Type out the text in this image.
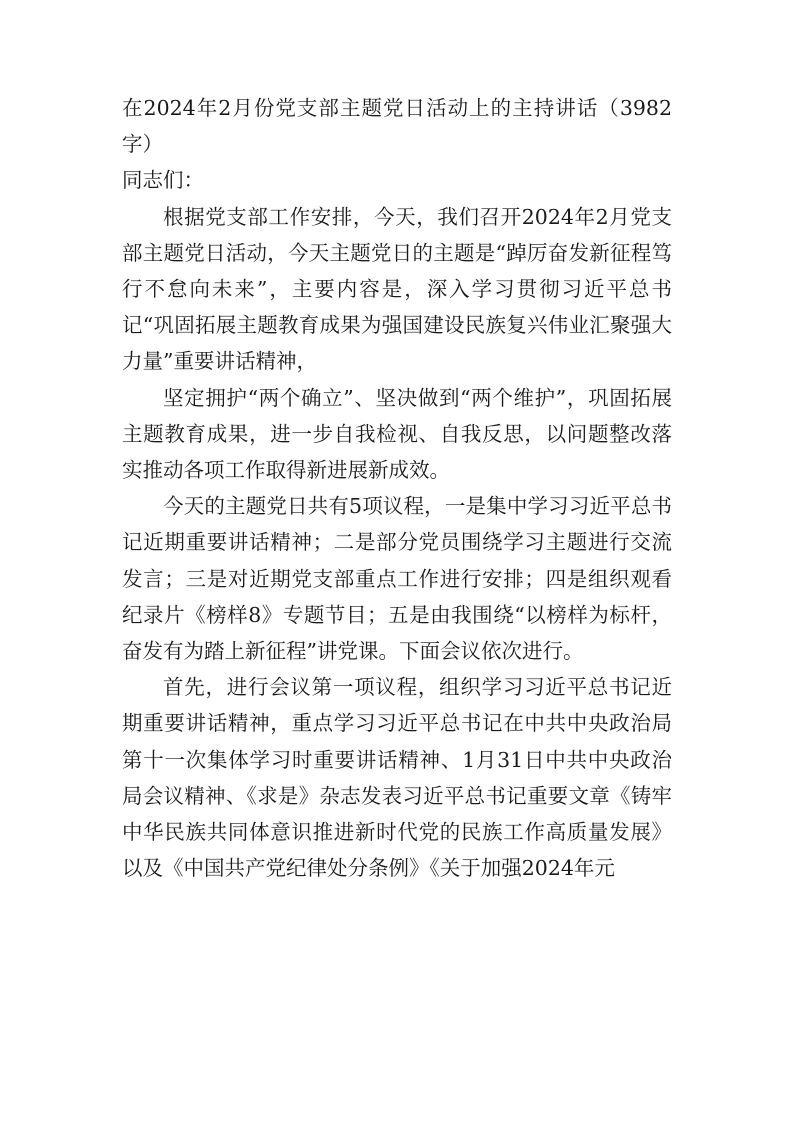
在2024年2月份党支部主题党日活动上的主持讲话（3982字）

同志们：

根据党支部工作安排，今天，我们召开2024年2月党支部主题党日活动，今天主题党日的主题是“踔厉奋发新征程笃行不怠向未来”，主要内容是，深入学习贯彻习近平总书记“巩固拓展主题教育成果为强国建设民族复兴伟业汇聚强大力量”重要讲话精神，

坚定拥护“两个确立”、坚决做到“两个维护”，巩固拓展主题教育成果，进一步自我检视、自我反思，以问题整改落实推动各项工作取得新进展新成效。

今天的主题党日共有5项议程，一是集中学习习近平总书记近期重要讲话精神；二是部分党员围绕学习主题进行交流发言；三是对近期党支部重点工作进行安排；四是组织观看纪录片《榜样8》专题节目；五是由我围绕“以榜样为标杆，奋发有为踏上新征程”讲党课。下面会议依次进行。

首先，进行会议第一项议程，组织学习习近平总书记近期重要讲话精神，重点学习习近平总书记在中共中央政治局第十一次集体学习时重要讲话精神、1月31日中共中央政治局会议精神、《求是》杂志发表习近平总书记重要文章《铸牢中华民族共同体意识推进新时代党的民族工作高质量发展》以及《中国共产党纪律处分条例》《关于加强2024年元
